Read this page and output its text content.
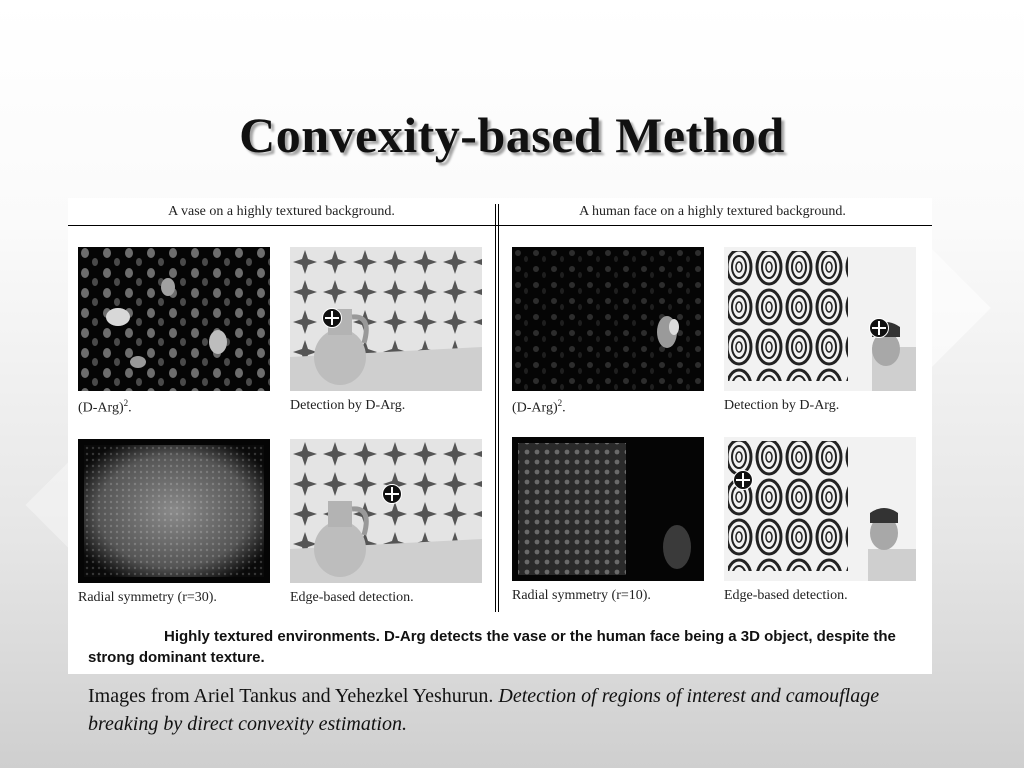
Convexity-based Method
A vase on a highly textured background.	A human face on a highly textured background.
$(D-Arg)^2$.	Detection by D-Arg.
Radial symmetry (r=30).	Edge-based detection.
$(D-Arg)^2$.	Detection by D-Arg.
Radial symmetry (r=10).	Edge-based detection.
Highly textured environments. D-Arg detects the vase or the human face being a 3D object, despite the strong dominant texture.
Images from Ariel Tankus and Yehezkel Yeshurun. Detection of regions of interest and camouflage breaking by direct convexity estimation.
